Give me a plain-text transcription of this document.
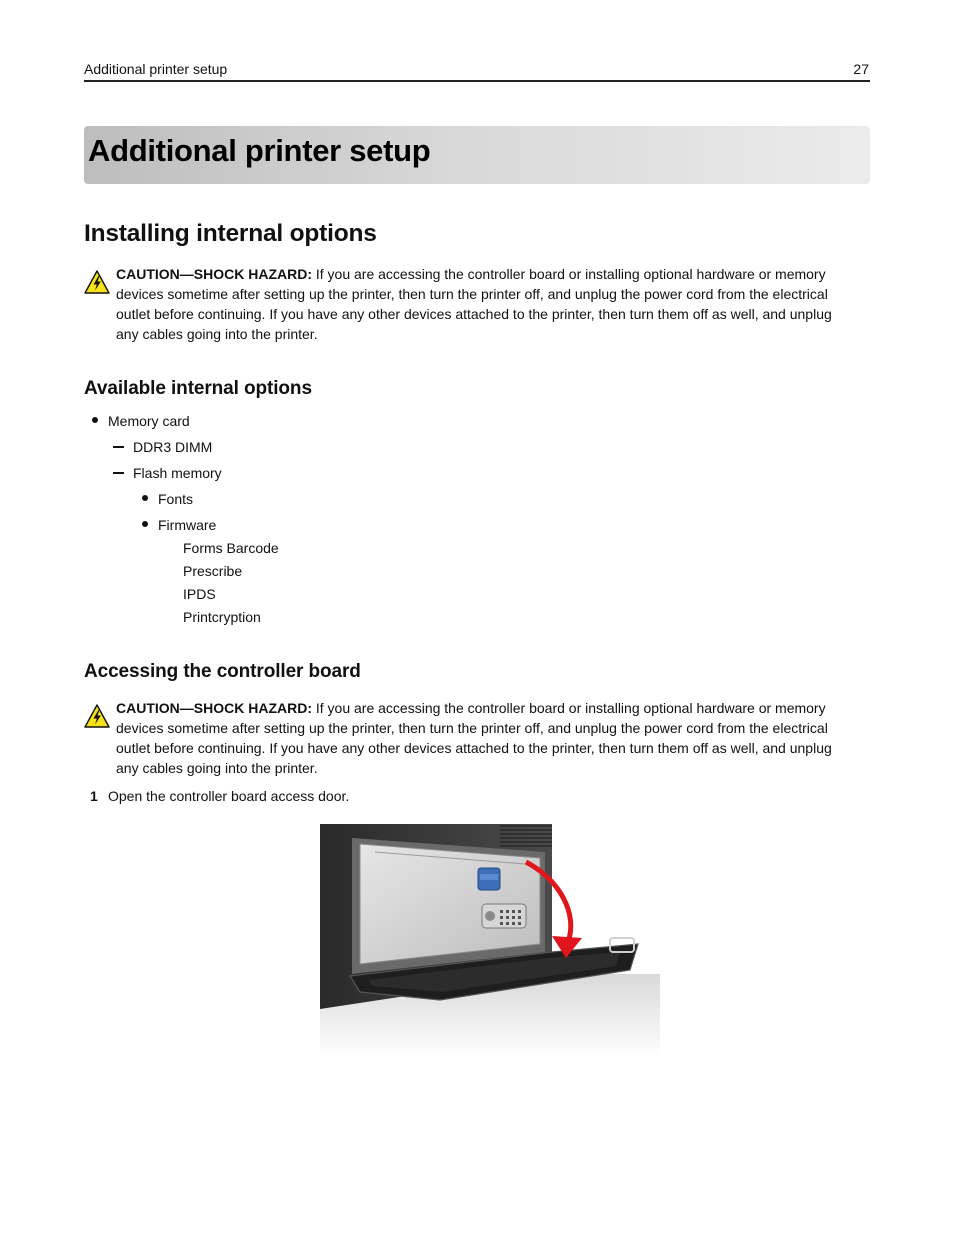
Additional printer setup	27
Additional printer setup
Installing internal options
CAUTION—SHOCK HAZARD: If you are accessing the controller board or installing optional hardware or memory devices sometime after setting up the printer, then turn the printer off, and unplug the power cord from the electrical outlet before continuing. If you have any other devices attached to the printer, then turn them off as well, and unplug any cables going into the printer.
Available internal options
Memory card
DDR3 DIMM
Flash memory
Fonts
Firmware
Forms Barcode
Prescribe
IPDS
Printcryption
Accessing the controller board
CAUTION—SHOCK HAZARD: If you are accessing the controller board or installing optional hardware or memory devices sometime after setting up the printer, then turn the printer off, and unplug the power cord from the electrical outlet before continuing. If you have any other devices attached to the printer, then turn them off as well, and unplug any cables going into the printer.
1 Open the controller board access door.
